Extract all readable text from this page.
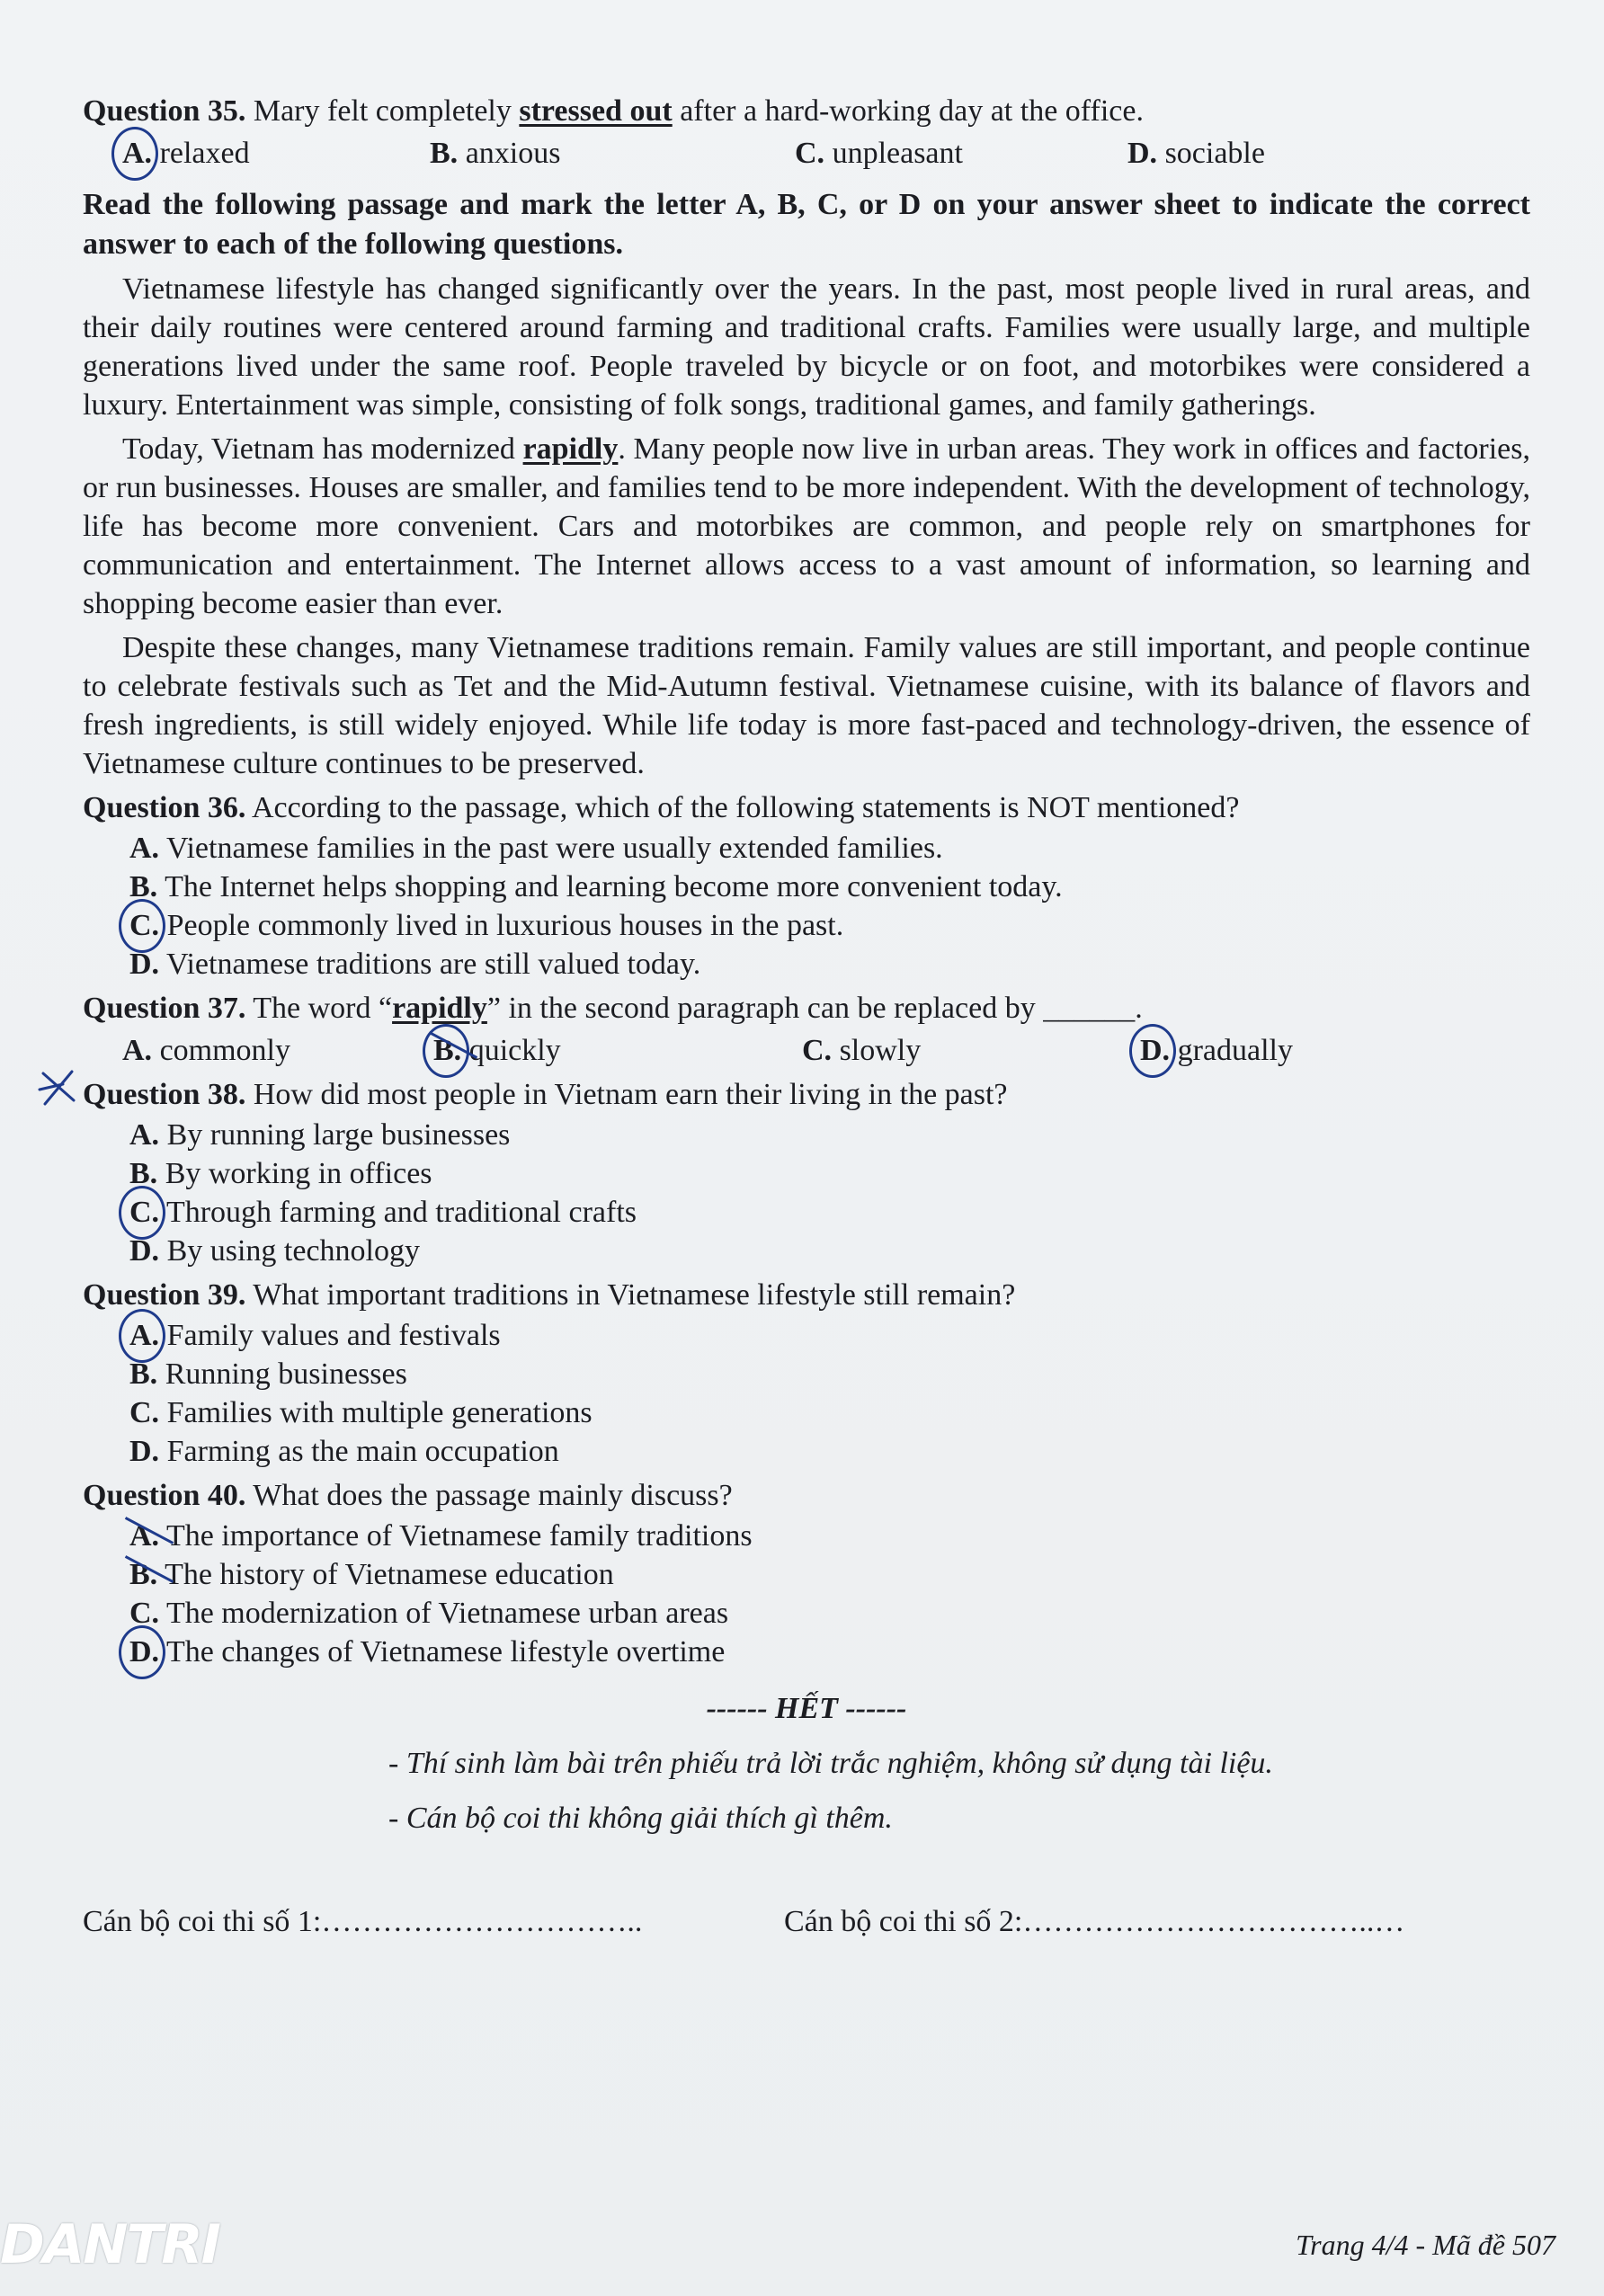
Question 35. Mary felt completely stressed out after a hard-working day at the office.
A. relaxed	B. anxious	C. unpleasant	D. sociable
Read the following passage and mark the letter A, B, C, or D on your answer sheet to indicate the correct answer to each of the following questions.
Vietnamese lifestyle has changed significantly over the years. In the past, most people lived in rural areas, and their daily routines were centered around farming and traditional crafts. Families were usually large, and multiple generations lived under the same roof. People traveled by bicycle or on foot, and motorbikes were considered a luxury. Entertainment was simple, consisting of folk songs, traditional games, and family gatherings.
Today, Vietnam has modernized rapidly. Many people now live in urban areas. They work in offices and factories, or run businesses. Houses are smaller, and families tend to be more independent. With the development of technology, life has become more convenient. Cars and motorbikes are common, and people rely on smartphones for communication and entertainment. The Internet allows access to a vast amount of information, so learning and shopping become easier than ever.
Despite these changes, many Vietnamese traditions remain. Family values are still important, and people continue to celebrate festivals such as Tet and the Mid-Autumn festival. Vietnamese cuisine, with its balance of flavors and fresh ingredients, is still widely enjoyed. While life today is more fast-paced and technology-driven, the essence of Vietnamese culture continues to be preserved.
Question 36. According to the passage, which of the following statements is NOT mentioned?
A. Vietnamese families in the past were usually extended families.
B. The Internet helps shopping and learning become more convenient today.
C. People commonly lived in luxurious houses in the past.
D. Vietnamese traditions are still valued today.
Question 37. The word “rapidly” in the second paragraph can be replaced by ______.
A. commonly	B.
quickly	C. slowly	D. gradually
Question 38. How did most people in Vietnam earn their living in the past?
A. By running large businesses
B. By working in offices
C. Through farming and traditional crafts
D. By using technology
Question 39. What important traditions in Vietnamese lifestyle still remain?
A. Family values and festivals
B. Running businesses
C. Families with multiple generations
D. Farming as the main occupation
Question 40. What does the passage mainly discuss?
A.
The importance of Vietnamese family traditions
B.
The history of Vietnamese education
C. The modernization of Vietnamese urban areas
D. The changes of Vietnamese lifestyle overtime
------ HẾT ------
- Thí sinh làm bài trên phiếu trả lời trắc nghiệm, không sử dụng tài liệu.
- Cán bộ coi thi không giải thích gì thêm.
Cán bộ coi thi số 1:…………………………..	Cán bộ coi thi số 2:……………………………..…
Trang 4/4 - Mã đề 507
DANTRI
